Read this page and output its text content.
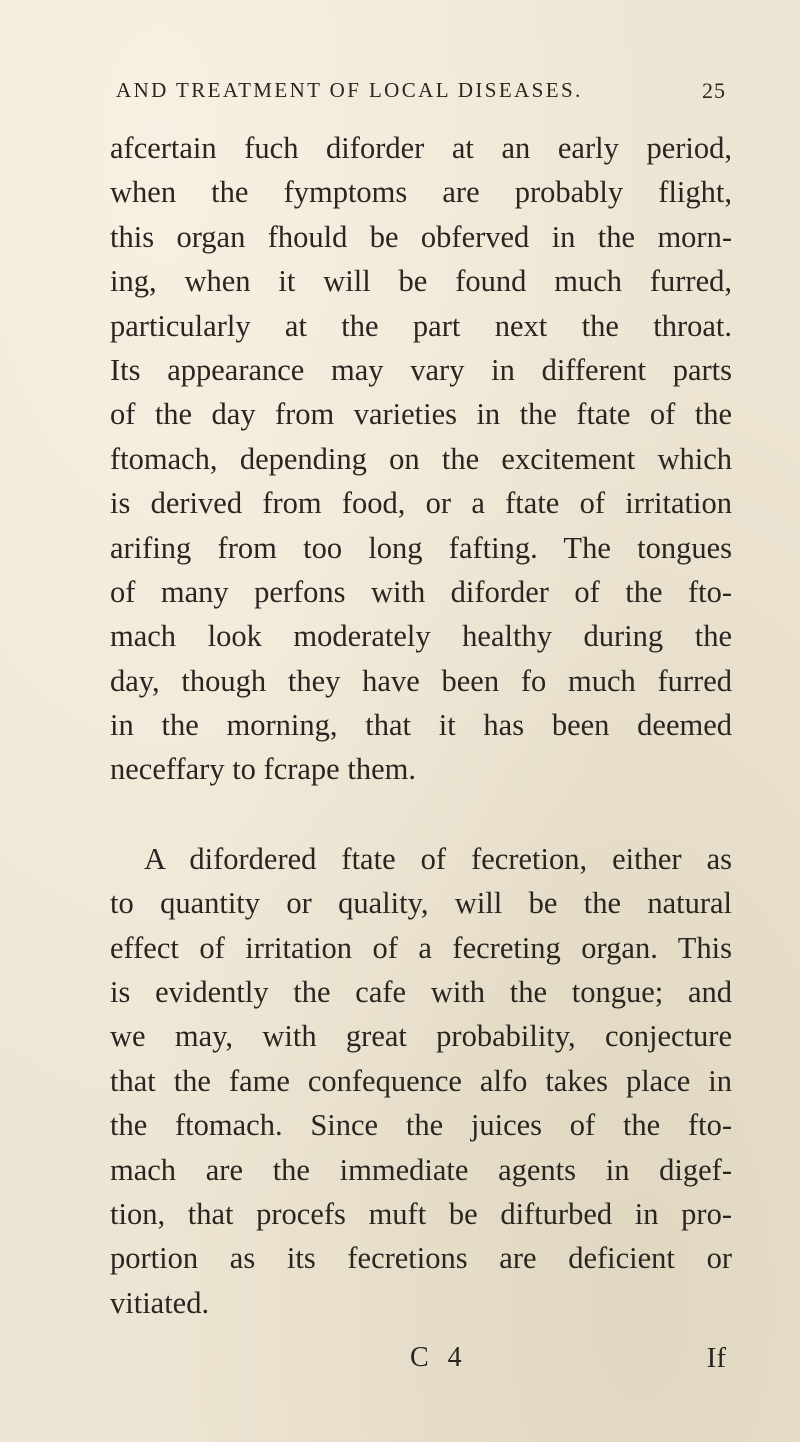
AND TREATMENT OF LOCAL DISEASES.	25
afcertain fuch diforder at an early period,
when the fymptoms are probably flight,
this organ fhould be obferved in the morn-
ing, when it will be found much furred,
particularly at the part next the throat.
Its appearance may vary in different parts
of the day from varieties in the ftate of the
ftomach, depending on the excitement which
is derived from food, or a ftate of irritation
arifing from too long fafting. The tongues
of many perfons with diforder of the fto-
mach look moderately healthy during the
day, though they have been fo much furred
in the morning, that it has been deemed
neceffary to fcrape them.
A difordered ftate of fecretion, either as
to quantity or quality, will be the natural
effect of irritation of a fecreting organ. This
is evidently the cafe with the tongue; and
we may, with great probability, conjecture
that the fame confequence alfo takes place in
the ftomach. Since the juices of the fto-
mach are the immediate agents in digef-
tion, that procefs muft be difturbed in pro-
portion as its fecretions are deficient or
vitiated.
C 4	If
